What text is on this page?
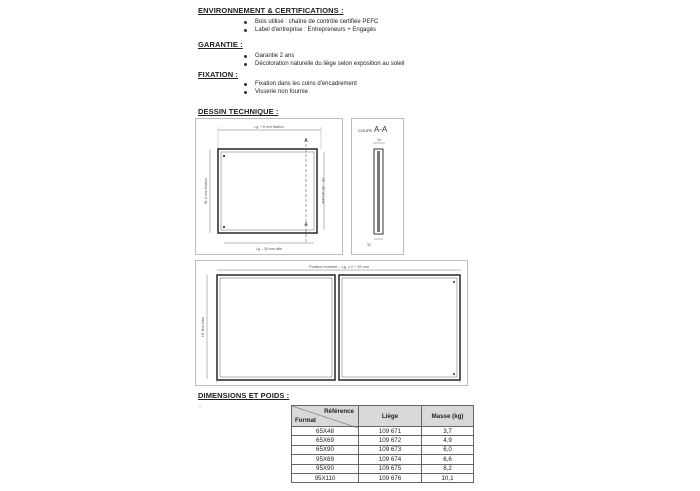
ENVIRONNEMENT & CERTIFICATIONS :
Bois utilisé : chaîne de contrôle certifiée PEFC
Label d'entreprise : Entrepreneurs + Engagés
GARANTIE :
Garantie 2 ans
Décoloration naturelle du liège selon exposition au soleil
FIXATION :
Fixation dans les coins d'encadrement
Visserie non fournie
DESSIN TECHNIQUE :
Lg. + 6 mm fixation
Ht. 6 mm fixation
A
A
Ht. - 46 mm utile
Lg. - 34 mm utile
COUPE A-A
10
32
Position extrarite – Lg. x 2 + 15 mm
Ht. Non total
DIMENSIONS ET POIDS :
.
Référence
Format	Liège	Masse (kg)
65X48	109 671	3,7
65X69	109 672	4,9
65X90	109 673	6,0
95X69	109 674	6,6
95X90	109 675	8,2
95X110	109 676	10,1
